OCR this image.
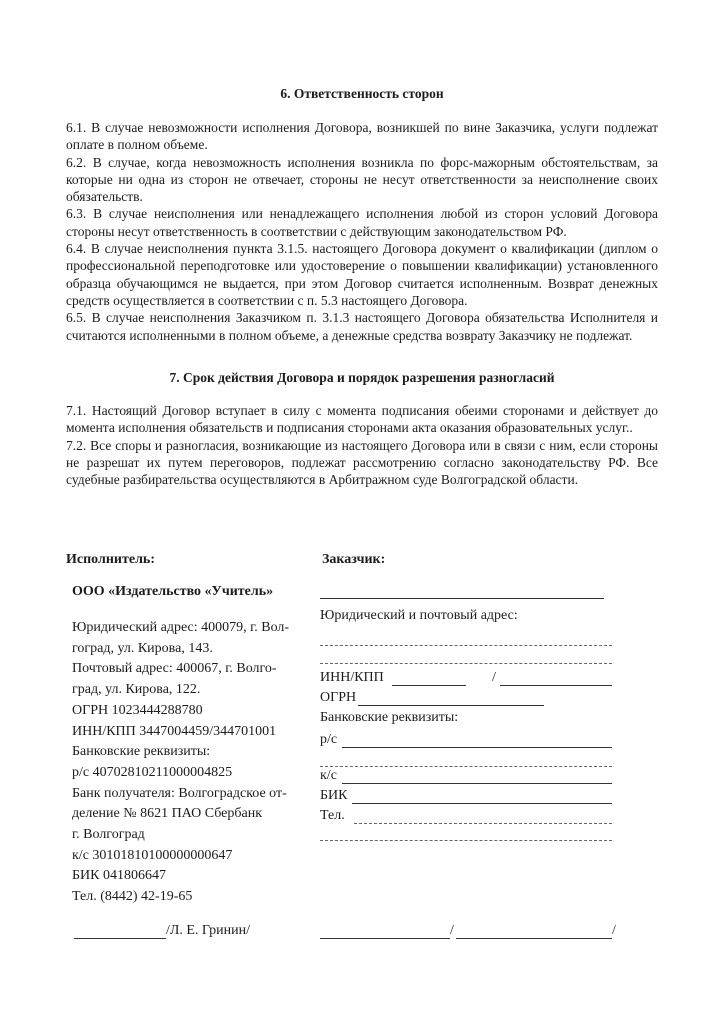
6. Ответственность сторон

6.1. В случае невозможности исполнения Договора, возникшей по вине Заказчика, услуги подлежат оплате в полном объеме.

6.2. В случае, когда невозможность исполнения возникла по форс-мажорным обстоятельствам, за которые ни одна из сторон не отвечает, стороны не несут ответственности за неисполнение своих обязательств.

6.3. В случае неисполнения или ненадлежащего исполнения любой из сторон условий Договора стороны несут ответственность в соответствии с действующим законодательством РФ.

6.4. В случае неисполнения пункта 3.1.5. настоящего Договора документ о квалификации (диплом о профессиональной переподготовке или удостоверение о повышении квалификации) установленного образца обучающимся не выдается, при этом Договор считается исполненным. Возврат денежных средств осуществляется в соответствии с п. 5.3 настоящего Договора.

6.5. В случае неисполнения Заказчиком п. 3.1.3 настоящего Договора обязательства Исполнителя и считаются исполненными в полном объеме, а денежные средства возврату Заказчику не подлежат.

7. Срок действия Договора и порядок разрешения разногласий

7.1. Настоящий Договор вступает в силу с момента подписания обеими сторонами и действует до момента исполнения обязательств и подписания сторонами акта оказания образовательных услуг..

7.2. Все споры и разногласия, возникающие из настоящего Договора или в связи с ним, если стороны не разрешат их путем переговоров, подлежат рассмотрению согласно законодательству РФ. Все судебные разбирательства осуществляются в Арбитражном суде Волгоградской области.

Исполнитель:	Заказчик:
ООО «Издательство «Учитель»
Юридический адрес: 400079, г. Вол-
гоград, ул. Кирова, 143.
Почтовый адрес: 400067, г. Волго-
град, ул. Кирова, 122.
ОГРН 1023444288780
ИНН/КПП 3447004459/344701001
Банковские реквизиты:
р/с 40702810211000004825
Банк получателя: Волгоградское от-
деление № 8621 ПАО Сбербанк
г. Волгоград
к/с 30101810100000000647
БИК 041806647
Тел. (8442) 42-19-65
Юридический и почтовый адрес:
ИНН/КПП	/
ОГРН
Банковские реквизиты:
р/с
к/с
БИК
Тел.
/Л. Е. Гринин/	/	/
